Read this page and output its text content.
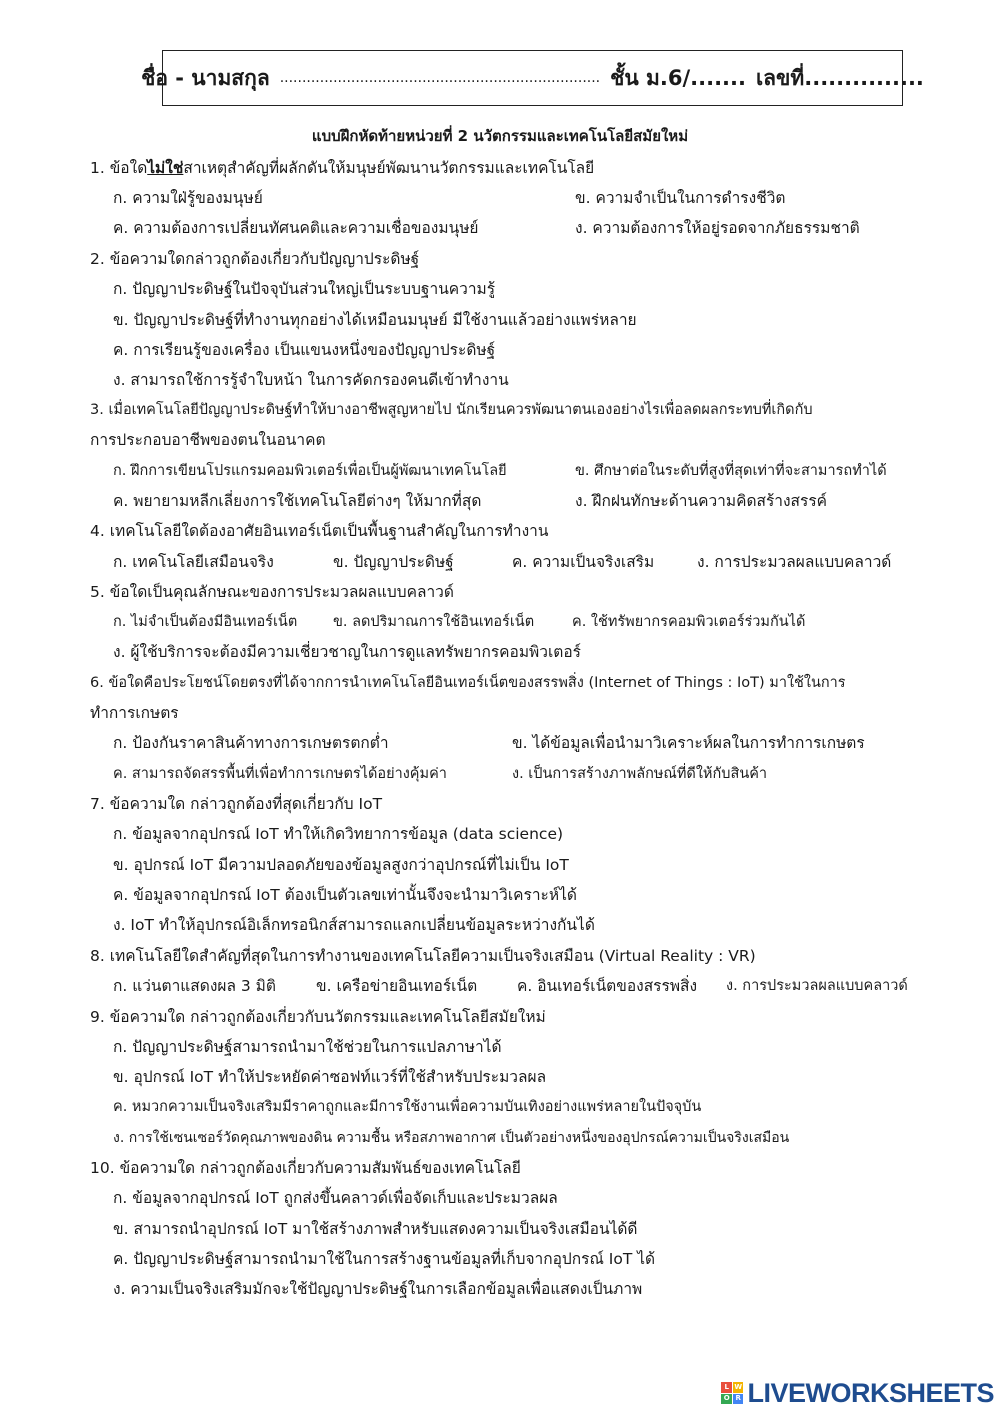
ชื่อ - นามสกุล ........................................................................ ชั้น ม.6/....... เลขที่...............
แบบฝึกหัดท้ายหน่วยที่ 2 นวัตกรรมและเทคโนโลยีสมัยใหม่
1. ข้อใดไม่ใช่สาเหตุสำคัญที่ผลักดันให้มนุษย์พัฒนานวัตกรรมและเทคโนโลยี
ก. ความใฝ่รู้ของมนุษย์	ข. ความจำเป็นในการดำรงชีวิต
ค. ความต้องการเปลี่ยนทัศนคติและความเชื่อของมนุษย์	ง. ความต้องการให้อยู่รอดจากภัยธรรมชาติ
2. ข้อความใดกล่าวถูกต้องเกี่ยวกับปัญญาประดิษฐ์
ก. ปัญญาประดิษฐ์ในปัจจุบันส่วนใหญ่เป็นระบบฐานความรู้
ข. ปัญญาประดิษฐ์ที่ทำงานทุกอย่างได้เหมือนมนุษย์ มีใช้งานแล้วอย่างแพร่หลาย
ค. การเรียนรู้ของเครื่อง เป็นแขนงหนึ่งของปัญญาประดิษฐ์
ง. สามารถใช้การรู้จำใบหน้า ในการคัดกรองคนดีเข้าทำงาน
3. เมื่อเทคโนโลยีปัญญาประดิษฐ์ทำให้บางอาชีพสูญหายไป นักเรียนควรพัฒนาตนเองอย่างไรเพื่อลดผลกระทบที่เกิดกับ
การประกอบอาชีพของตนในอนาคต
ก. ฝึกการเขียนโปรแกรมคอมพิวเตอร์เพื่อเป็นผู้พัฒนาเทคโนโลยี	ข. ศึกษาต่อในระดับที่สูงที่สุดเท่าที่จะสามารถทำได้
ค. พยายามหลีกเลี่ยงการใช้เทคโนโลยีต่างๆ ให้มากที่สุด	ง. ฝึกฝนทักษะด้านความคิดสร้างสรรค์
4. เทคโนโลยีใดต้องอาศัยอินเทอร์เน็ตเป็นพื้นฐานสำคัญในการทำงาน
ก. เทคโนโลยีเสมือนจริง	ข. ปัญญาประดิษฐ์	ค. ความเป็นจริงเสริม	ง. การประมวลผลแบบคลาวด์
5. ข้อใดเป็นคุณลักษณะของการประมวลผลแบบคลาวด์
ก. ไม่จำเป็นต้องมีอินเทอร์เน็ต ข. ลดปริมาณการใช้อินเทอร์เน็ต	ค. ใช้ทรัพยากรคอมพิวเตอร์ร่วมกันได้
ง. ผู้ใช้บริการจะต้องมีความเชี่ยวชาญในการดูแลทรัพยากรคอมพิวเตอร์
6. ข้อใดคือประโยชน์โดยตรงที่ได้จากการนำเทคโนโลยีอินเทอร์เน็ตของสรรพสิ่ง (Internet of Things : IoT) มาใช้ในการ
ทำการเกษตร
ก. ป้องกันราคาสินค้าทางการเกษตรตกต่ำ	ข. ได้ข้อมูลเพื่อนำมาวิเคราะห์ผลในการทำการเกษตร
ค. สามารถจัดสรรพื้นที่เพื่อทำการเกษตรได้อย่างคุ้มค่า	ง. เป็นการสร้างภาพลักษณ์ที่ดีให้กับสินค้า
7. ข้อความใด กล่าวถูกต้องที่สุดเกี่ยวกับ IoT
ก. ข้อมูลจากอุปกรณ์ IoT ทำให้เกิดวิทยาการข้อมูล (data science)
ข. อุปกรณ์ IoT มีความปลอดภัยของข้อมูลสูงกว่าอุปกรณ์ที่ไม่เป็น IoT
ค. ข้อมูลจากอุปกรณ์ IoT ต้องเป็นตัวเลขเท่านั้นจึงจะนำมาวิเคราะห์ได้
ง. IoT ทำให้อุปกรณ์อิเล็กทรอนิกส์สามารถแลกเปลี่ยนข้อมูลระหว่างกันได้
8. เทคโนโลยีใดสำคัญที่สุดในการทำงานของเทคโนโลยีความเป็นจริงเสมือน (Virtual Reality : VR)
ก. แว่นตาแสดงผล 3 มิติ	ข. เครือข่ายอินเทอร์เน็ต	ค. อินเทอร์เน็ตของสรรพสิ่ง ง. การประมวลผลแบบคลาวด์
9. ข้อความใด กล่าวถูกต้องเกี่ยวกับนวัตกรรมและเทคโนโลยีสมัยใหม่
ก. ปัญญาประดิษฐ์สามารถนำมาใช้ช่วยในการแปลภาษาได้
ข. อุปกรณ์ IoT ทำให้ประหยัดค่าซอฟท์แวร์ที่ใช้สำหรับประมวลผล
ค. หมวกความเป็นจริงเสริมมีราคาถูกและมีการใช้งานเพื่อความบันเทิงอย่างแพร่หลายในปัจจุบัน
ง. การใช้เซนเซอร์วัดคุณภาพของดิน ความชื้น หรือสภาพอากาศ เป็นตัวอย่างหนึ่งของอุปกรณ์ความเป็นจริงเสมือน
10. ข้อความใด กล่าวถูกต้องเกี่ยวกับความสัมพันธ์ของเทคโนโลยี
ก. ข้อมูลจากอุปกรณ์ IoT ถูกส่งขึ้นคลาวด์เพื่อจัดเก็บและประมวลผล
ข. สามารถนำอุปกรณ์ IoT มาใช้สร้างภาพสำหรับแสดงความเป็นจริงเสมือนได้ดี
ค. ปัญญาประดิษฐ์สามารถนำมาใช้ในการสร้างฐานข้อมูลที่เก็บจากอุปกรณ์ IoT ได้
ง. ความเป็นจริงเสริมมักจะใช้ปัญญาประดิษฐ์ในการเลือกข้อมูลเพื่อแสดงเป็นภาพ
L W
O R LIVEWORKSHEETS
